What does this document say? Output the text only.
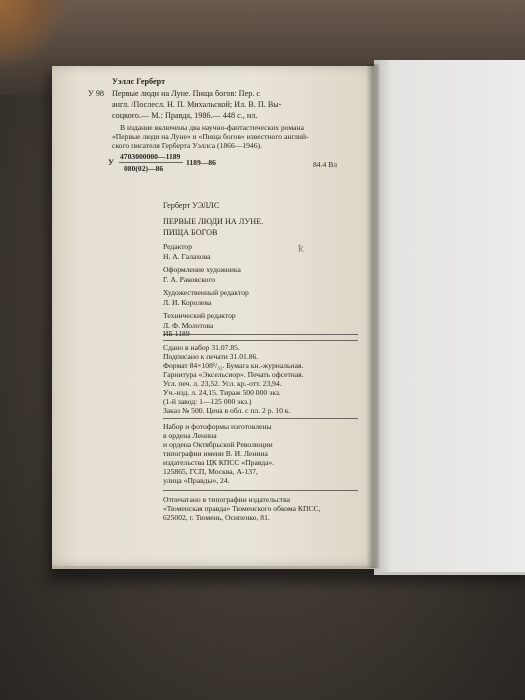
Уэллс Герберт
У 98 Первые люди на Луне. Пища богов: Пер. с
англ. /Послесл. Н. П. Михальской; Ил. В. П. Вы-
соцкого.— М.: Правда, 1986.— 448 с., ил.
В издание включены два научно-фантастических романа
«Первые люди на Луне» и «Пища богов» известного англий-
ского писателя Герберта Уэллса (1866—1946).
У
4703000000—1189
080(02)—86
1189—86	84.4 Вл
Герберт УЭЛЛС
ПЕРВЫЕ ЛЮДИ НА ЛУНЕ.
ПИЩА БОГОВ
Редактор
Н. А. Галахова
ꝁ
Оформление художника
Г. А. Раковского
Художественный редактор
Л. И. Королева
Технический редактор
Л. Ф. Молотова
ИБ 1189
Сдано в набор 31.07.85.
Подписано к печати 31.01.86.
Формат 84×108¹/₃₂. Бумага кн.-журнальная.
Гарнитура «Эксельсиор». Печать офсетная.
Усл. печ. л. 23,52. Усл. кр.-отт. 23,94.
Уч.-изд. л. 24,15. Тираж 500 000 экз.
(1-й завод: 1—125 000 экз.)
Заказ № 500. Цена в обл. с пл. 2 р. 10 к.
Набор и фотоформы изготовлены
в ордена Ленина
и ордена Октябрьской Революции
типографии имени В. И. Ленина
издательства ЦК КПСС «Правда».
125865, ГСП, Москва, А-137,
улица «Правды», 24.
Отпечатано в типографии издательства
«Тюменская правда» Тюменского обкома КПСС,
625002, г. Тюмень, Осипенко, 81.
